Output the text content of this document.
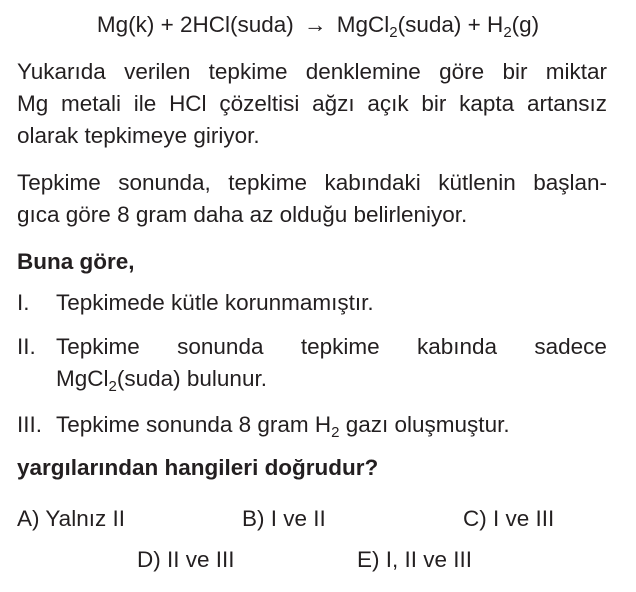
Mg(k) + 2HCl(suda) → MgCl$_2$(suda) + $H_2(g)$
Yukarıda verilen tepkime denklemine göre bir miktar
Mg metali ile HCl çözeltisi ağzı açık bir kapta artansız
olarak tepkimeye giriyor.
Tepkime sonunda, tepkime kabındaki kütlenin başlan-
gıca göre 8 gram daha az olduğu belirleniyor.
Buna göre,
I. Tepkimede kütle korunmamıştır.
II. Tepkime sonunda tepkime kabında sadece
MgCl$_2$(suda) bulunur.
III. Tepkime sonunda 8 gram $H_2$ gazı oluşmuştur.
yargılarından hangileri doğrudur?
A) Yalnız II	B) I ve II	C) I ve III
D) II ve III	E) I, II ve III
